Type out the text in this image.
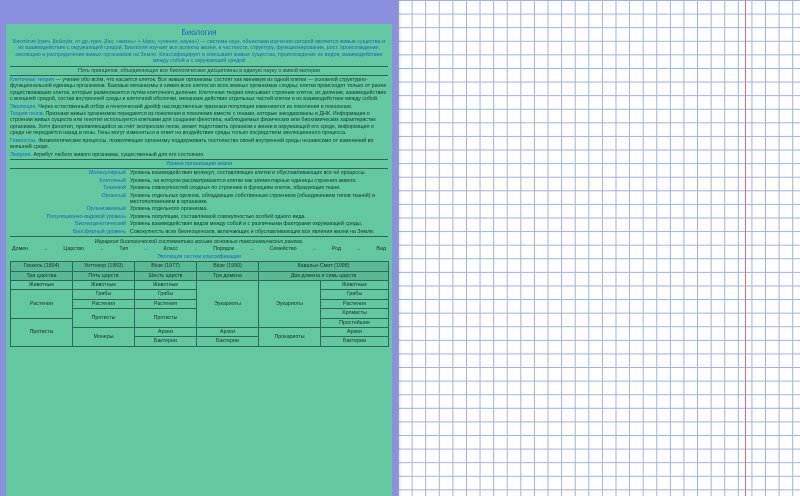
Биология
Биоло́гия (греч. βιολογία; от др.-греч. βίος «жизнь» + λόγος «учение, наука») — система наук, объектами изучения которой являются живые существа и их взаимодействие с окружающей средой. Биология изучает все аспекты жизни, в частности, структуру, функционирование, рост, происхождение, эволюцию и распределение живых организмов на Земле. Классифицирует и описывает живые существа, происхождение их видов, взаимодействие между собой и с окружающей средой
Пять принципов, объединяющих все биологические дисциплины в единую науку о живой материи
Клеточная теория — учение обо всём, что касается клеток. Все живые организмы состоят как минимум из одной клетки — основной структурно-функциональной единицы организмов. Базовые механизмы и химия всех клеток во всех земных организмах сходны; клетки происходят только от ранее существовавших клеток, которые размножаются путём клеточного деления. Клеточная теория описывает строение клеток, их деление, взаимодействие с внешней средой, состав внутренней среды и клеточной оболочки, механизм действия отдельных частей клетки и их взаимодействие между собой.
Эволюция. Через естественный отбор и генетический дрейф наследственные признаки популяции изменяются из поколения в поколение.
Теория генов. Признаки живых организмов передаются из поколения в поколение вместе с генами, которые закодированы в ДНК. Информация о строении живых существ или генотип используется клетками для создания фенотипа, наблюдаемых физических или биохимических характеристик организма. Хотя фенотип, проявляющийся за счёт экспрессии генов, может подготовить организм к жизни в окружающей его среде, информация о среде не передаётся назад в гены. Гены могут изменяться в ответ на воздействие среды только посредством эволюционного процесса.
Гомеостаз. Физиологические процессы, позволяющие организму поддерживать постоянство своей внутренней среды независимо от изменений во внешней среде.
Энергия. Атрибут любого живого организма, существенный для его состояния.
Уровни организации жизни
Молекулярный Уровень взаимодействия молекул, составляющих клетки и обуславливающих все её процессы.
Клеточный Уровень, на котором рассматриваются клетки как элементарные единицы строения живого.
Тканевой Уровень совокупностей сходных по строению и функциям клеток, образующих ткани.
Органный Уровень отдельных органов, обладающих собственным строением (объединением типов тканей) и местоположением в организме.
Организменный Уровень отдельного организма.
Популяционно-видовой уровень Уровень популяции, составляемой совокупностью особей одного вида.
Биогеоценотический Уровень взаимодействия видов между собой и с различными факторами окружающей среды.
Биосферный уровень Совокупность всех биогеоценозов, включающих и обуславливающих все явления жизни на Земле.
Иерархия биологической систематики восьми основных таксономических рангов.
Домен	→	Царство	→	Тип	→	Класс	→	Порядок	→	Семейство	→	Род	→	Вид
Эволюция систем классификации
Геккель (1894)	Уиттекер (1969)	Вёзе (1977)	Вёзе (1990)	Кавалье-Смит (1998)	
Три царства	Пять царств	Шесть царств	Три домена	Два домена и семь царств	
Животные	Животные	Животные	Эукариоты	Эукариоты	Животные
Растения	Грибы	Грибы			Грибы
	Растения	Растения			Растения
	Протисты	Протисты			Хромисты
Протисты					Простейшие
	Монеры	Археи	Археи	Прокариоты	Археи
		Бактерии	Бактерии		Бактерии
